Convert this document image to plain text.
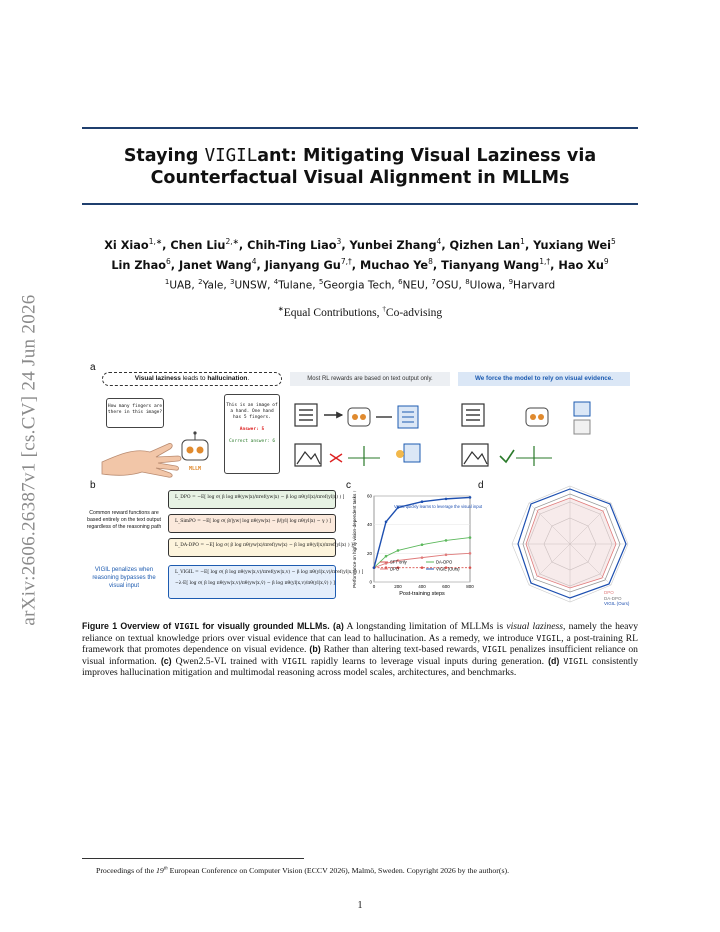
arXiv:2606.26387v1 [cs.CV] 24 Jun 2026
Staying VIGILant: Mitigating Visual Laziness via
Counterfactual Visual Alignment in MLLMs
Xi Xiao$^{1,∗}$, Chen Liu$^{2,∗}$, Chih-Ting Liao$^3$, Yunbei Zhang$^4$, Qizhen Lan$^1$, Yuxiang Wei$^5$
Lin Zhao$^6$, Janet Wang$^4$, Jianyang $Gu^{7,\dagger}$, Muchao Ye$^8$, Tianyang Wang$^{1,\dagger}$, Hao Xu$^9$
$^1$UAB, $^2$Yale, $^3$UNSW, $^4$Tulane, $^5$Georgia Tech, $^6$NEU, $^7$OSU, $^8$UIowa, $^9$Harvard
∗Equal Contributions, †Co-advising
a
Visual laziness leads to hallucination.	Most RL rewards are based on text output only.	We force the model to rely on visual evidence.
How many fingers are there in this image?
This is an image of a hand. One hand has 5 fingers.
Answer: 5
Correct answer: 6
MLLM
b
Common reward functions are based entirely on the text output regardless of the reasoning path
VIGIL penalizes when reasoning bypasses the visual input
L_DPO = −E[ log σ( β log πθ(yw|x)/πref(yw|x) − β log πθ(yl|x)/πref(yl|x) ) ]
L_SimPO = −E[ log σ( β/|yw| log πθ(yw|x) − β/|yl| log πθ(yl|x) − γ ) ]
L_DA-DPO = −E[ log σ( β log πθ(yw|x)/πref(yw|x) − β log πθ(yl|x)/πref(yl|x) ) ]
L_VIGIL = −E[ log σ( β log πθ(yw|x,v)/πref(yw|x,v) − β log πθ(yl|x,v)/πref(yl|x,v) ) ]
−λ·E[ log σ( β log πθ(yw|x,v)/πθ(yw|x,ṽ) − β log πθ(yl|x,v)/πθ(yl|x,ṽ) ) ]
c
0
20
40
60
0	200	400	600	800
Post-training steps
Performance on highly vision-dependent tasks ↑	VIGIL quickly learns to leverage the visual input
SFT only	DA-DPO
DPO	VIGIL (Ours)
d
DPO
DA-DPO
VIGIL (Ours)
Figure 1 Overview of VIGIL for visually grounded MLLMs. (a) A longstanding limitation of MLLMs is visual laziness, namely the heavy reliance on textual knowledge priors over visual evidence that can lead to hallucination. As a remedy, we introduce VIGIL, a post-training RL framework that promotes dependence on visual evidence. (b) Rather than altering text-based rewards, VIGIL penalizes insufficient reliance on visual information. (c) Qwen2.5-VL trained with VIGIL rapidly learns to leverage visual inputs during generation. (d) VIGIL consistently improves hallucination mitigation and multimodal reasoning across model scales, architectures, and benchmarks.
Proceedings of the 19th European Conference on Computer Vision (ECCV 2026), Malmö, Sweden. Copyright 2026 by the author(s).
1
